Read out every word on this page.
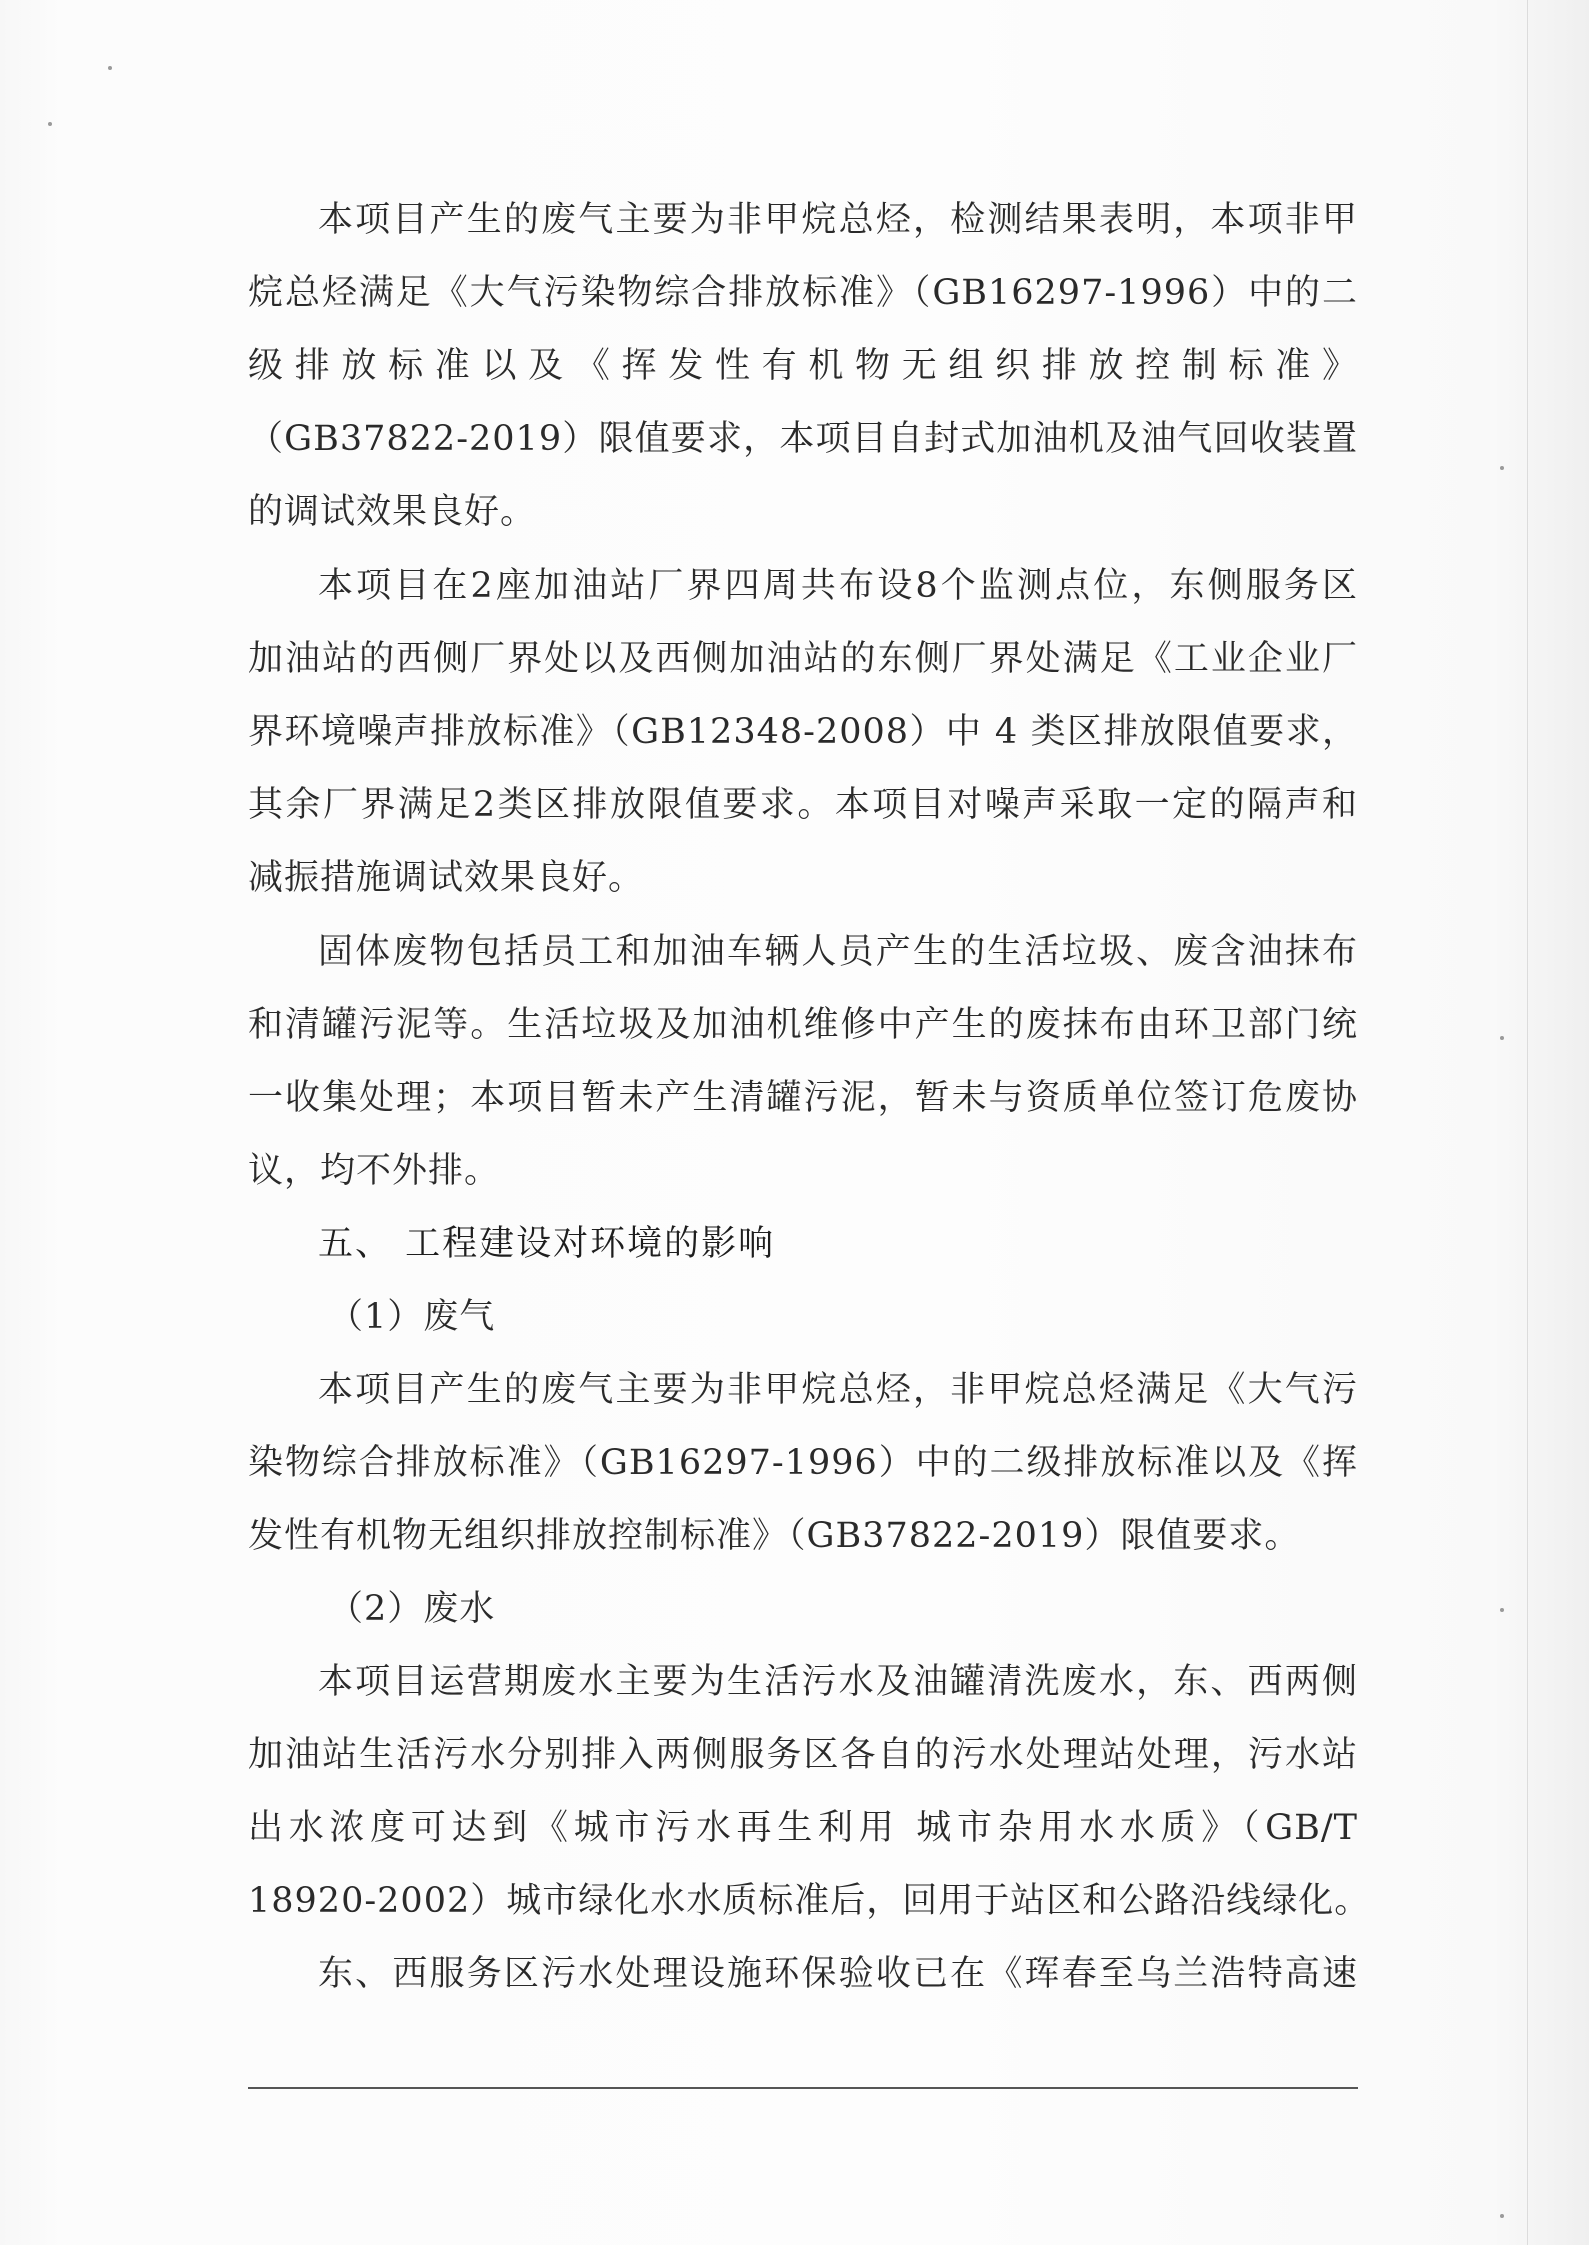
本项目产生的废气主要为非甲烷总烃，检测结果表明，本项非甲
烷总烃满足《大气污染物综合排放标准》（GB16297-1996）中的二
级排放标准以及《挥发性有机物无组织排放控制标准》
（GB37822-2019）限值要求，本项目自封式加油机及油气回收装置
的调试效果良好。
本项目在2座加油站厂界四周共布设8个监测点位，东侧服务区
加油站的西侧厂界处以及西侧加油站的东侧厂界处满足《工业企业厂
界环境噪声排放标准》（GB12348-2008）中 4 类区排放限值要求，
其余厂界满足2类区排放限值要求。本项目对噪声采取一定的隔声和
减振措施调试效果良好。
固体废物包括员工和加油车辆人员产生的生活垃圾、废含油抹布
和清罐污泥等。生活垃圾及加油机维修中产生的废抹布由环卫部门统
一收集处理；本项目暂未产生清罐污泥，暂未与资质单位签订危废协
议，均不外排。
五、 工程建设对环境的影响
（1）废气
本项目产生的废气主要为非甲烷总烃，非甲烷总烃满足《大气污
染物综合排放标准》（GB16297-1996）中的二级排放标准以及《挥
发性有机物无组织排放控制标准》（GB37822-2019）限值要求。
（2）废水
本项目运营期废水主要为生活污水及油罐清洗废水，东、西两侧
加油站生活污水分别排入两侧服务区各自的污水处理站处理，污水站
出水浓度可达到《城市污水再生利用 城市杂用水水质》（GB/T
18920-2002）城市绿化水水质标准后，回用于站区和公路沿线绿化。
东、西服务区污水处理设施环保验收已在《珲春至乌兰浩特高速
